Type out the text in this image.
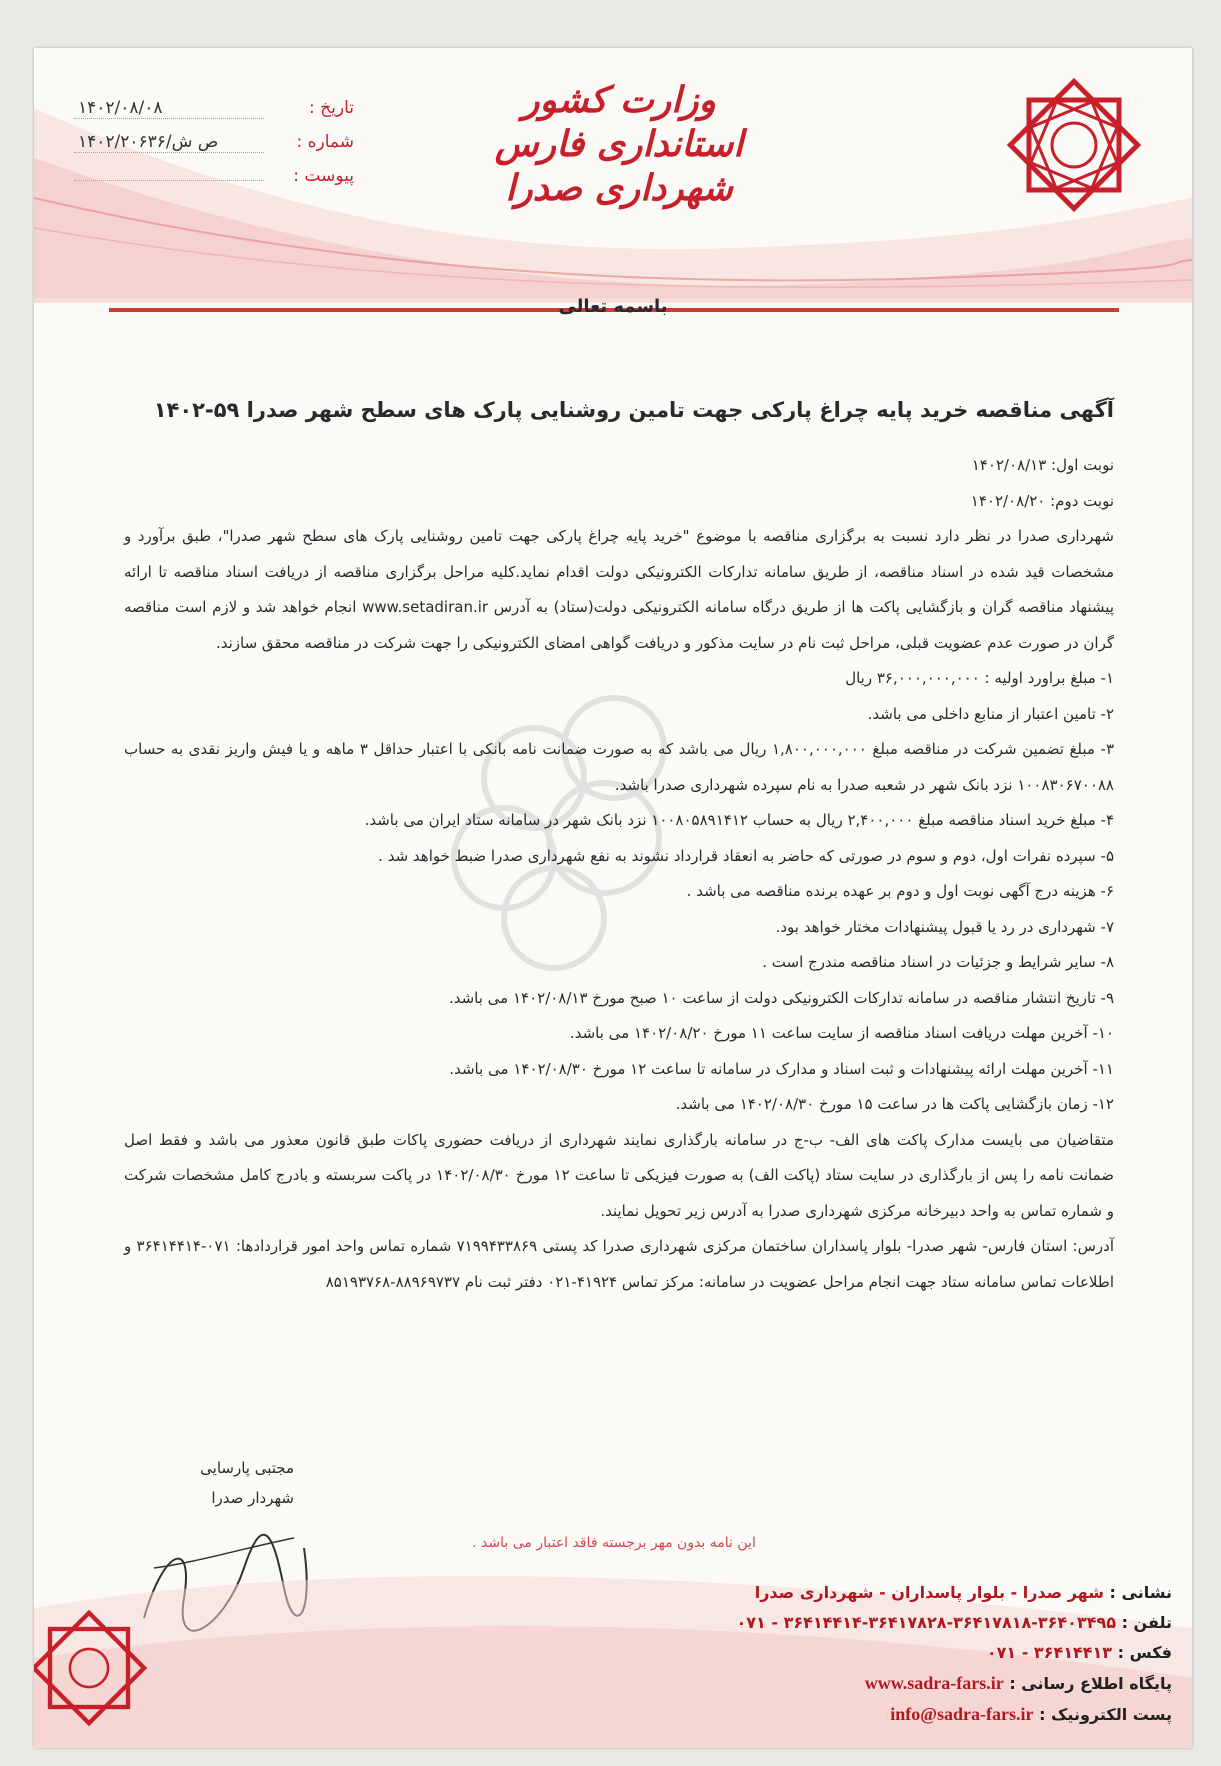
وزارت کشور
استانداری فارس
شهرداری صدرا
تاریخ :
۱۴۰۲/۰۸/۰۸
شماره :
۱۴۰۲/۲۰۶۳۶/ص ش
پیوست :
باسمه تعالی
آگهی مناقصه خرید پایه چراغ پارکی جهت تامین روشنایی پارک های سطح شهر صدرا ۵۹-۱۴۰۲

نوبت اول: ۱۴۰۲/۰۸/۱۳

نوبت دوم: ۱۴۰۲/۰۸/۲۰

شهرداری صدرا در نظر دارد نسبت به برگزاری مناقصه با موضوع "خرید پایه چراغ پارکی جهت تامین روشنایی پارک های سطح شهر صدرا"، طبق برآورد و مشخصات قید شده در اسناد مناقصه، از طریق سامانه تدارکات الکترونیکی دولت اقدام نماید.کلیه مراحل برگزاری مناقصه از دریافت اسناد مناقصه تا ارائه پیشنهاد مناقصه گران و بازگشایی پاکت ها از طریق درگاه سامانه الکترونیکی دولت(ستاد) به آدرس www.setadiran.ir انجام خواهد شد و لازم است مناقصه گران در صورت عدم عضویت قبلی، مراحل ثبت نام در سایت مذکور و دریافت گواهی امضای الکترونیکی را جهت شرکت در مناقصه محقق سازند.

۱- مبلغ براورد اولیه : ۳۶,۰۰۰,۰۰۰,۰۰۰ ریال

۲- تامین اعتبار از منابع داخلی می باشد.

۳- مبلغ تضمین شرکت در مناقصه مبلغ ۱,۸۰۰,۰۰۰,۰۰۰ ریال می باشد که به صورت ضمانت نامه بانکی با اعتبار حداقل ۳ ماهه و یا فیش واریز نقدی به حساب ۱۰۰۸۳۰۶۷۰۰۸۸ نزد بانک شهر در شعبه صدرا به نام سپرده شهرداری صدرا باشد.

۴- مبلغ خرید اسناد مناقصه مبلغ ۲,۴۰۰,۰۰۰ ریال به حساب ۱۰۰۸۰۵۸۹۱۴۱۲ نزد بانک شهر در سامانه ستاد ایران می باشد.

۵- سپرده نفرات اول، دوم و سوم در صورتی که حاضر به انعقاد قرارداد نشوند به نفع شهرداری صدرا ضبط خواهد شد .

۶- هزینه درج آگهی نوبت اول و دوم بر عهده برنده مناقصه می باشد .

۷- شهرداری در رد یا قبول پیشنهادات مختار خواهد بود.

۸- سایر شرایط و جزئیات در اسناد مناقصه مندرج است .

۹- تاریخ انتشار مناقصه در سامانه تدارکات الکترونیکی دولت از ساعت ۱۰ صبح مورخ ۱۴۰۲/۰۸/۱۳ می باشد.

۱۰- آخرین مهلت دریافت اسناد مناقصه از سایت ساعت ۱۱ مورخ ۱۴۰۲/۰۸/۲۰ می باشد.

۱۱- آخرین مهلت ارائه پیشنهادات و ثبت اسناد و مدارک در سامانه تا ساعت ۱۲ مورخ ۱۴۰۲/۰۸/۳۰ می باشد.

۱۲- زمان بازگشایی پاکت ها در ساعت ۱۵ مورخ ۱۴۰۲/۰۸/۳۰ می باشد.

متقاضیان می بایست مدارک پاکت های الف- ب-ج در سامانه بارگذاری نمایند شهرداری از دریافت حضوری پاکات طبق قانون معذور می باشد و فقط اصل ضمانت نامه را پس از بارگذاری در سایت ستاد (پاکت الف) به صورت فیزیکی تا ساعت ۱۲ مورخ ۱۴۰۲/۰۸/۳۰ در پاکت سربسته و بادرج کامل مشخصات شرکت و شماره تماس به واحد دبیرخانه مرکزی شهرداری صدرا به آدرس زیر تحویل نمایند.

آدرس: استان فارس- شهر صدرا- بلوار پاسداران ساختمان مرکزی شهرداری صدرا کد پستی ۷۱۹۹۴۳۳۸۶۹ شماره تماس واحد امور قراردادها: ۰۷۱-۳۶۴۱۴۴۱۴ و اطلاعات تماس سامانه ستاد جهت انجام مراحل عضویت در سامانه: مرکز تماس ۴۱۹۲۴-۰۲۱ دفتر ثبت نام ۸۸۹۶۹۷۳۷-۸۵۱۹۳۷۶۸

مجتبی پارسایی
شهردار صدرا
این نامه بدون مهر برجسته فاقد اعتبار می باشد .
نشانی : شهر صدرا - بلوار پاسداران - شهرداری صدرا
تلفن : ۳۶۴۰۳۴۹۵-۳۶۴۱۷۸۱۸-۳۶۴۱۷۸۲۸-۳۶۴۱۴۴۱۴ - ۰۷۱
فکس : ۳۶۴۱۴۴۱۳ - ۰۷۱
پایگاه اطلاع رسانی : www.sadra-fars.ir
پست الکترونیک : info@sadra-fars.ir
